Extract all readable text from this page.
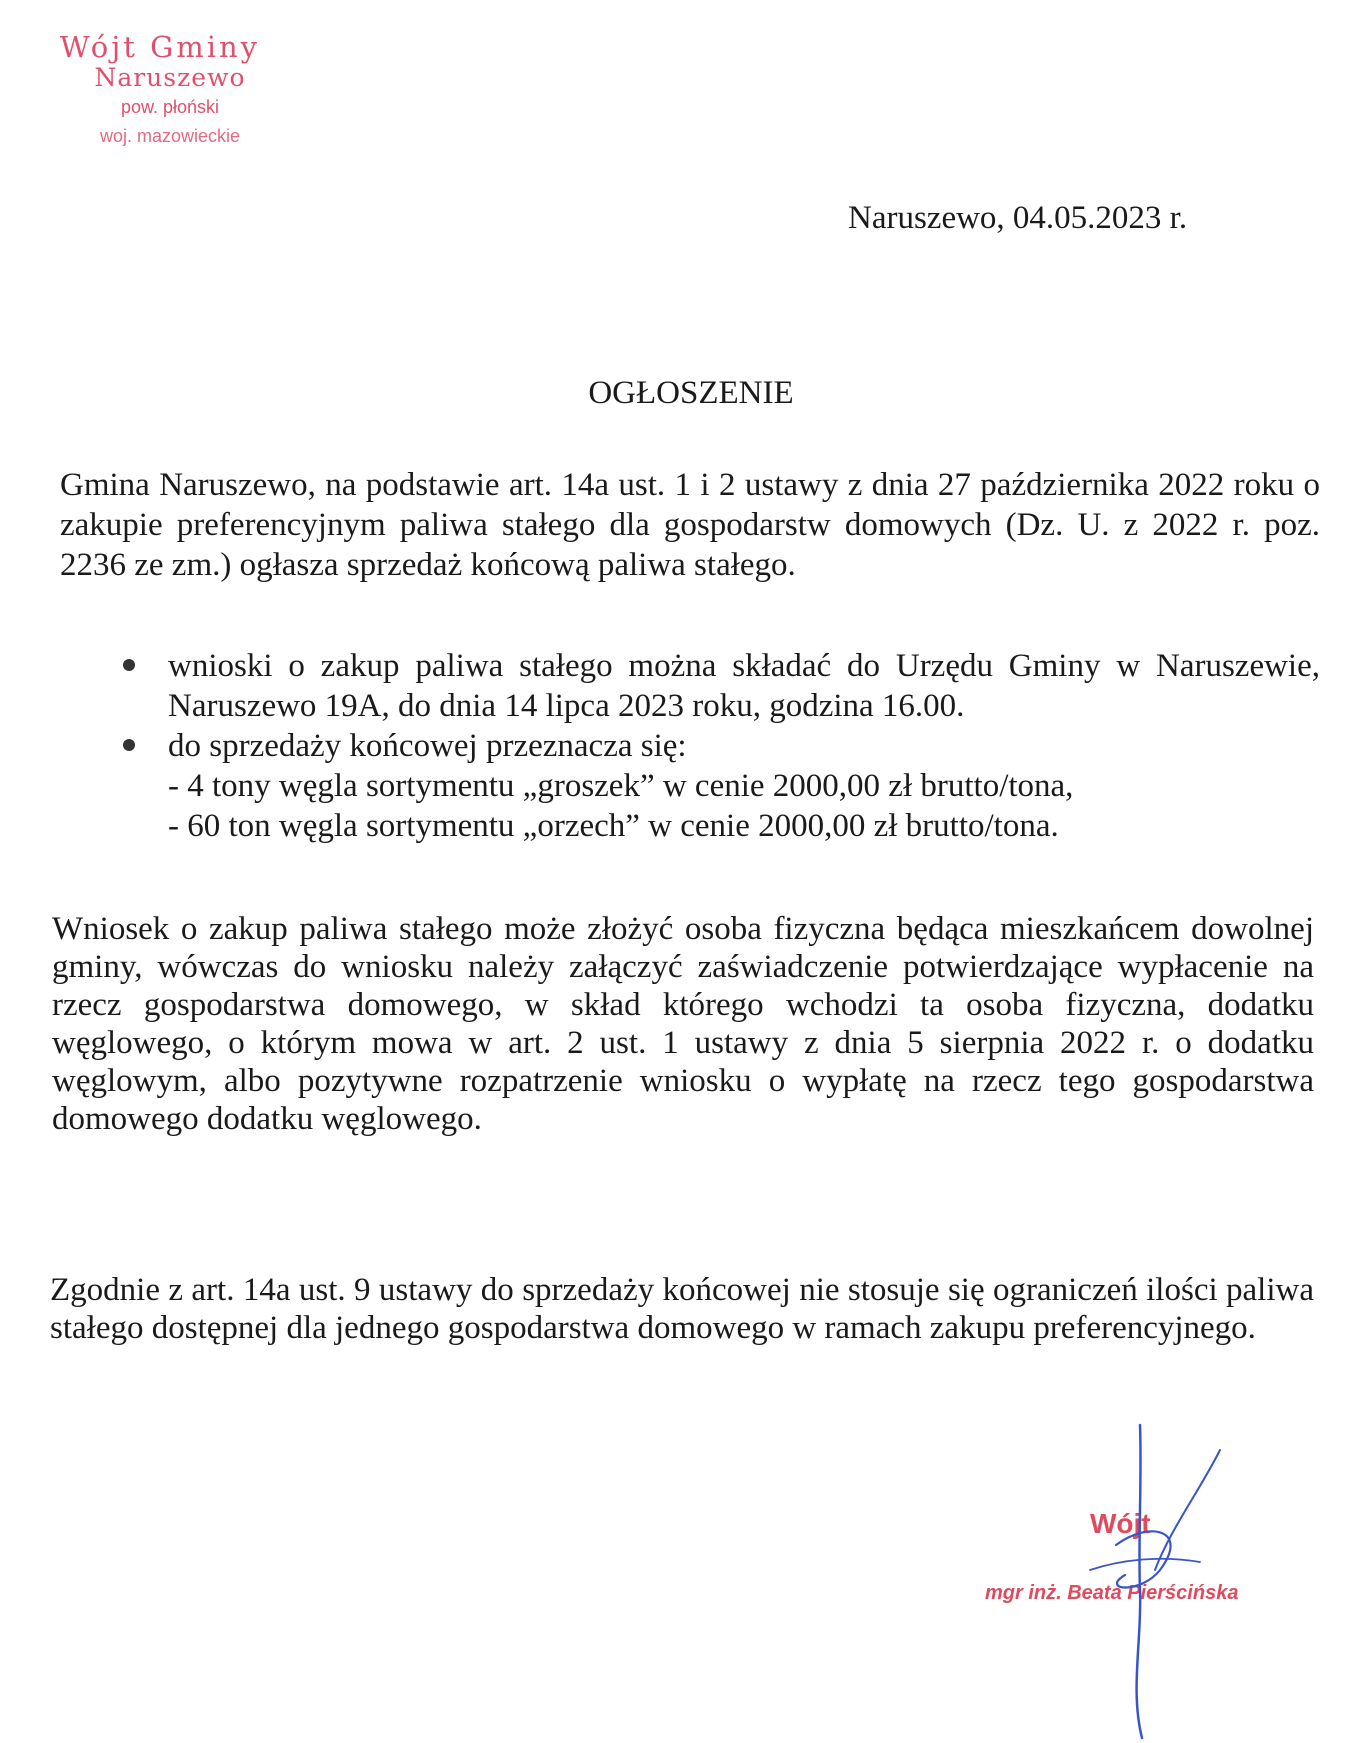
Wójt Gminy
Naruszewo
pow. płoński
woj. mazowieckie
Naruszewo, 04.05.2023 r.
OGŁOSZENIE

Gmina Naruszewo, na podstawie art. 14a ust. 1 i 2 ustawy z dnia 27 października 2022 roku o zakupie preferencyjnym paliwa stałego dla gospodarstw domowych (Dz. U. z 2022 r. poz. 2236 ze zm.) ogłasza sprzedaż końcową paliwa stałego.

wnioski o zakup paliwa stałego można składać do Urzędu Gminy w Naruszewie, Naruszewo 19A, do dnia 14 lipca 2023 roku, godzina 16.00.
do sprzedaży końcowej przeznacza się:
- 4 tony węgla sortymentu „groszek” w cenie 2000,00 zł brutto/tona,
- 60 ton węgla sortymentu „orzech” w cenie 2000,00 zł brutto/tona.

Wniosek o zakup paliwa stałego może złożyć osoba fizyczna będąca mieszkańcem dowolnej gminy, wówczas do wniosku należy załączyć zaświadczenie potwierdzające wypłacenie na rzecz gospodarstwa domowego, w skład którego wchodzi ta osoba fizyczna, dodatku węglowego, o którym mowa w art. 2 ust. 1 ustawy z dnia 5 sierpnia 2022 r. o dodatku węglowym, albo pozytywne rozpatrzenie wniosku o wypłatę na rzecz tego gospodarstwa domowego dodatku węglowego.

Zgodnie z art. 14a ust. 9 ustawy do sprzedaży końcowej nie stosuje się ograniczeń ilości paliwa stałego dostępnej dla jednego gospodarstwa domowego w ramach zakupu preferencyjnego.

Wójt
mgr inż. Beata Pierścińska
